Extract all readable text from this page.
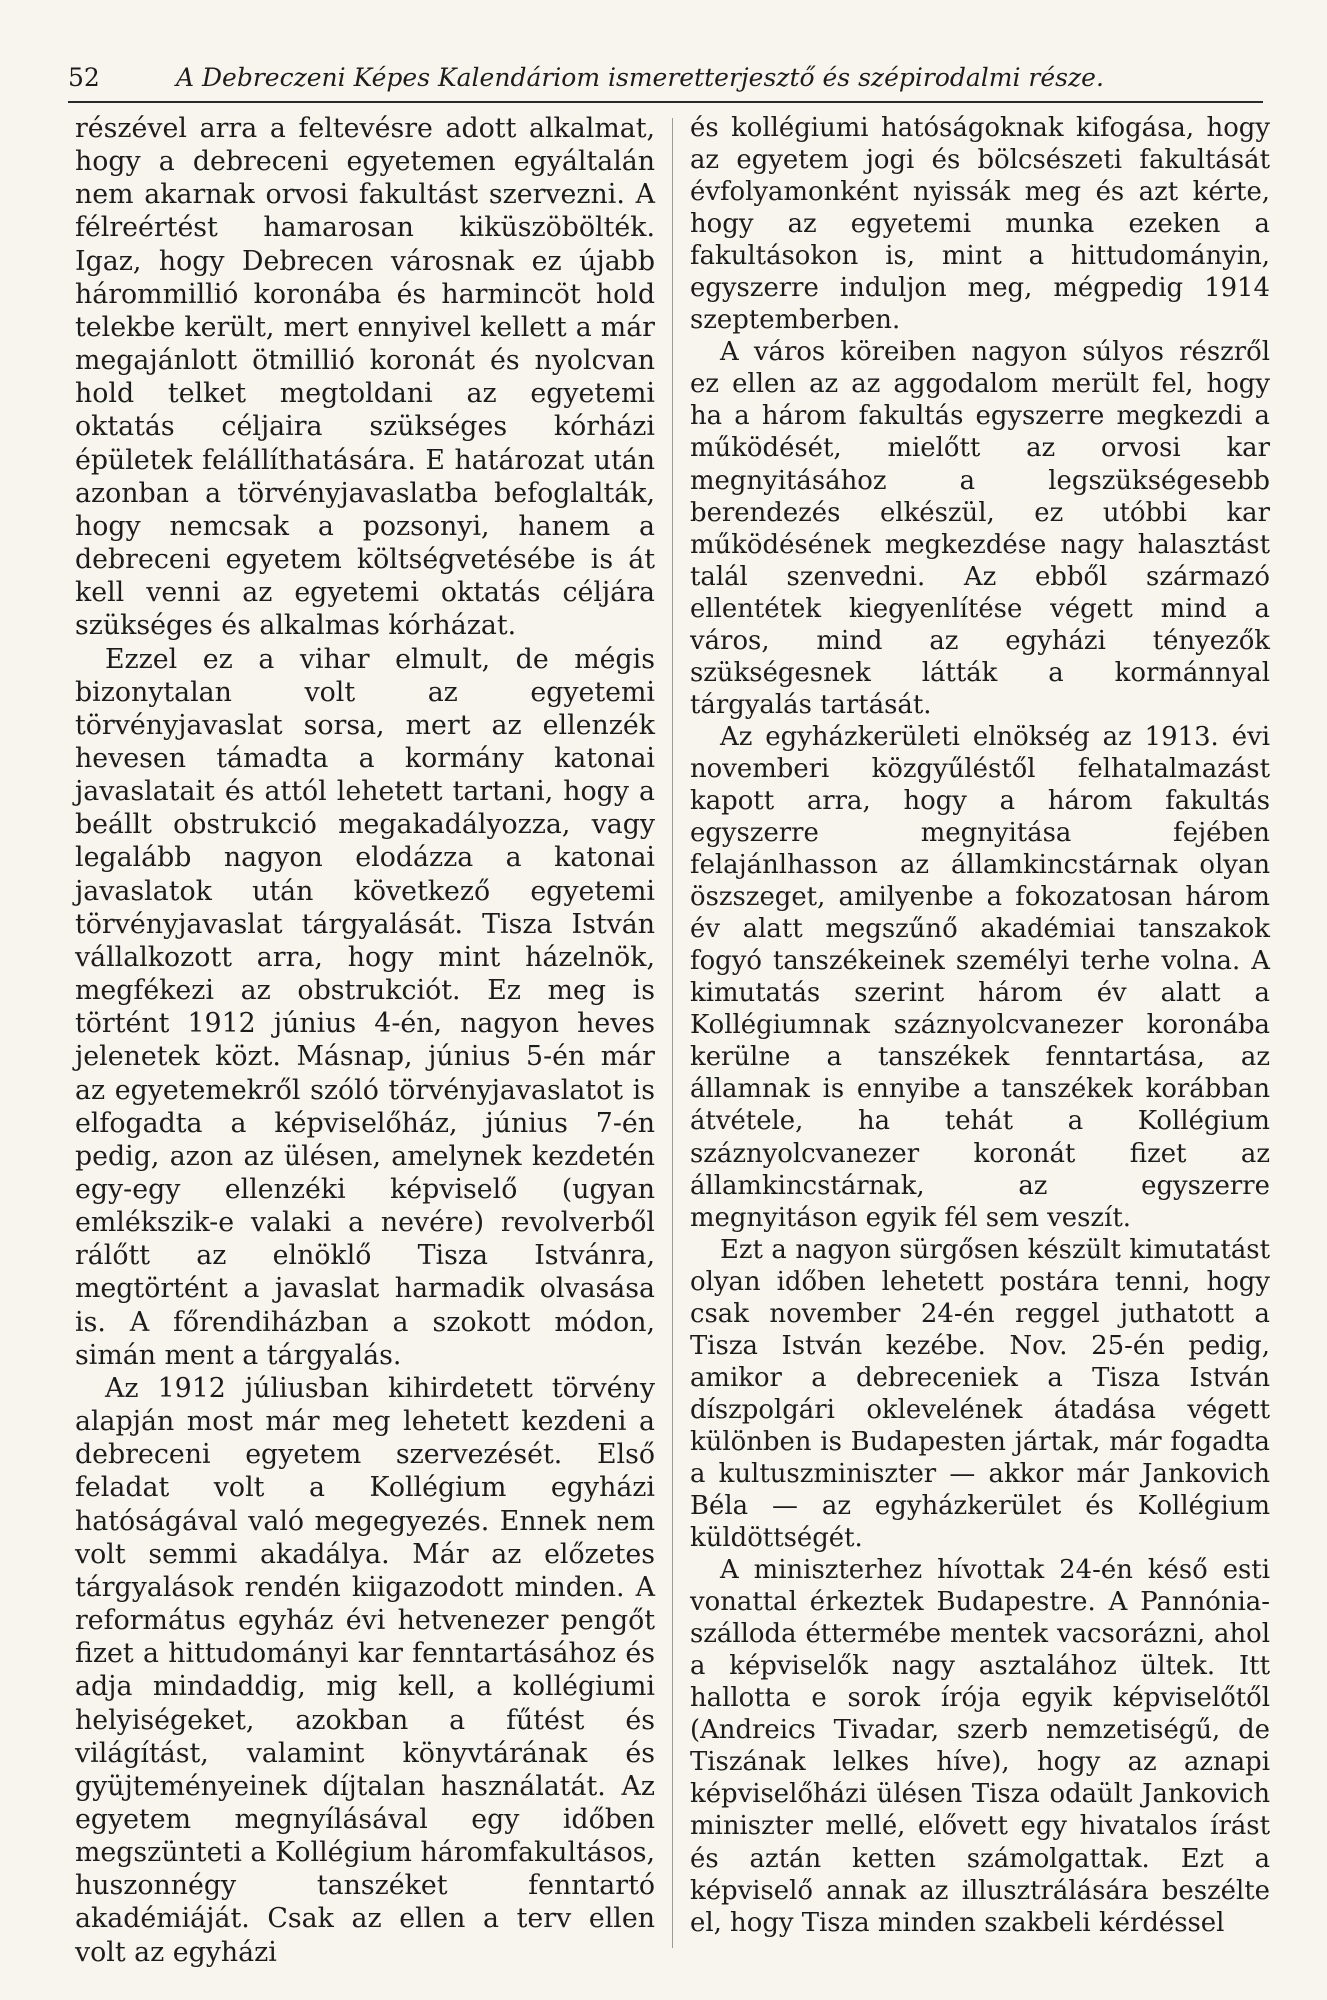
52	A Debreczeni Képes Kalendáriom ismeretterjesztő és szépirodalmi része.

részével arra a feltevésre adott alkalmat, hogy a debreceni egyetemen egyáltalán nem akarnak orvosi fakultást szervezni. A félreértést hamarosan kiküszöbölték. Igaz, hogy Debrecen városnak ez újabb hárommillió koronába és harmincöt hold telekbe került, mert ennyivel kellett a már megajánlott ötmillió koronát és nyolcvan hold telket megtoldani az egyetemi oktatás céljaira szükséges kórházi épületek felállíthatására. E határozat után azonban a törvényjavaslatba befoglalták, hogy nemcsak a pozsonyi, hanem a debreceni egyetem költségvetésébe is át kell venni az egyetemi oktatás céljára szükséges és alkalmas kórházat.

Ezzel ez a vihar elmult, de mégis bizonytalan volt az egyetemi törvényjavaslat sorsa, mert az ellenzék hevesen támadta a kormány katonai javaslatait és attól lehetett tartani, hogy a beállt obstrukció megakadályozza, vagy legalább nagyon elodázza a katonai javaslatok után következő egyetemi törvényjavaslat tárgyalását. Tisza István vállalkozott arra, hogy mint házelnök, megfékezi az obstrukciót. Ez meg is történt 1912 június 4-én, nagyon heves jelenetek közt. Másnap, június 5-én már az egyetemekről szóló törvényjavaslatot is elfogadta a képviselőház, június 7-én pedig, azon az ülésen, amelynek kezdetén egy-egy ellenzéki képviselő (ugyan emlékszik-e valaki a nevére) revolverből rálőtt az elnöklő Tisza Istvánra, megtörtént a javaslat harmadik olvasása is. A főrendiházban a szokott módon, simán ment a tárgyalás.

Az 1912 júliusban kihirdetett törvény alapján most már meg lehetett kezdeni a debreceni egyetem szervezését. Első feladat volt a Kollégium egyházi hatóságával való megegyezés. Ennek nem volt semmi akadálya. Már az előzetes tárgyalások rendén kiigazodott minden. A református egyház évi hetvenezer pengőt fizet a hittudományi kar fenntartásához és adja mindaddig, mig kell, a kollégiumi helyiségeket, azokban a fűtést és világítást, valamint könyvtárának és gyüjteményeinek díjtalan használatát. Az egyetem megnyílásával egy időben megszünteti a Kollégium háromfakultásos, huszonnégy tanszéket fenntartó akadémiáját. Csak az ellen a terv ellen volt az egyházi

és kollégiumi hatóságoknak kifogása, hogy az egyetem jogi és bölcsészeti fakultását évfolyamonként nyissák meg és azt kérte, hogy az egyetemi munka ezeken a fakultásokon is, mint a hittudományin, egyszerre induljon meg, mégpedig 1914 szeptemberben.

A város köreiben nagyon súlyos részről ez ellen az az aggodalom merült fel, hogy ha a három fakultás egyszerre megkezdi a működését, mielőtt az orvosi kar megnyitásához a legszükségesebb berendezés elkészül, ez utóbbi kar működésének megkezdése nagy halasztást talál szenvedni. Az ebből származó ellentétek kiegyenlítése végett mind a város, mind az egyházi tényezők szükségesnek látták a kormánnyal tárgyalás tartását.

Az egyházkerületi elnökség az 1913. évi novemberi közgyűléstől felhatalmazást kapott arra, hogy a három fakultás egyszerre megnyitása fejében felajánlhasson az államkincstárnak olyan öszszeget, amilyenbe a fokozatosan három év alatt megszűnő akadémiai tanszakok fogyó tanszékeinek személyi terhe volna. A kimutatás szerint három év alatt a Kollégiumnak száznyolcvanezer koronába kerülne a tanszékek fenntartása, az államnak is ennyibe a tanszékek korábban átvétele, ha tehát a Kollégium száznyolcvanezer koronát fizet az államkincstárnak, az egyszerre megnyitáson egyik fél sem veszít.

Ezt a nagyon sürgősen készült kimutatást olyan időben lehetett postára tenni, hogy csak november 24-én reggel juthatott a Tisza István kezébe. Nov. 25-én pedig, amikor a debreceniek a Tisza István díszpolgári oklevelének átadása végett különben is Budapesten jártak, már fogadta a kultuszminiszter — akkor már Jankovich Béla — az egyházkerület és Kollégium küldöttségét.

A miniszterhez hívottak 24-én késő esti vonattal érkeztek Budapestre. A Pannónia-szálloda éttermébe mentek vacsorázni, ahol a képviselők nagy asztalához ültek. Itt hallotta e sorok írója egyik képviselőtől (Andreics Tivadar, szerb nemzetiségű, de Tiszának lelkes híve), hogy az aznapi képviselőházi ülésen Tisza odaült Jankovich miniszter mellé, elővett egy hivatalos írást és aztán ketten számolgattak. Ezt a képviselő annak az illusztrálására beszélte el, hogy Tisza minden szakbeli kérdéssel
